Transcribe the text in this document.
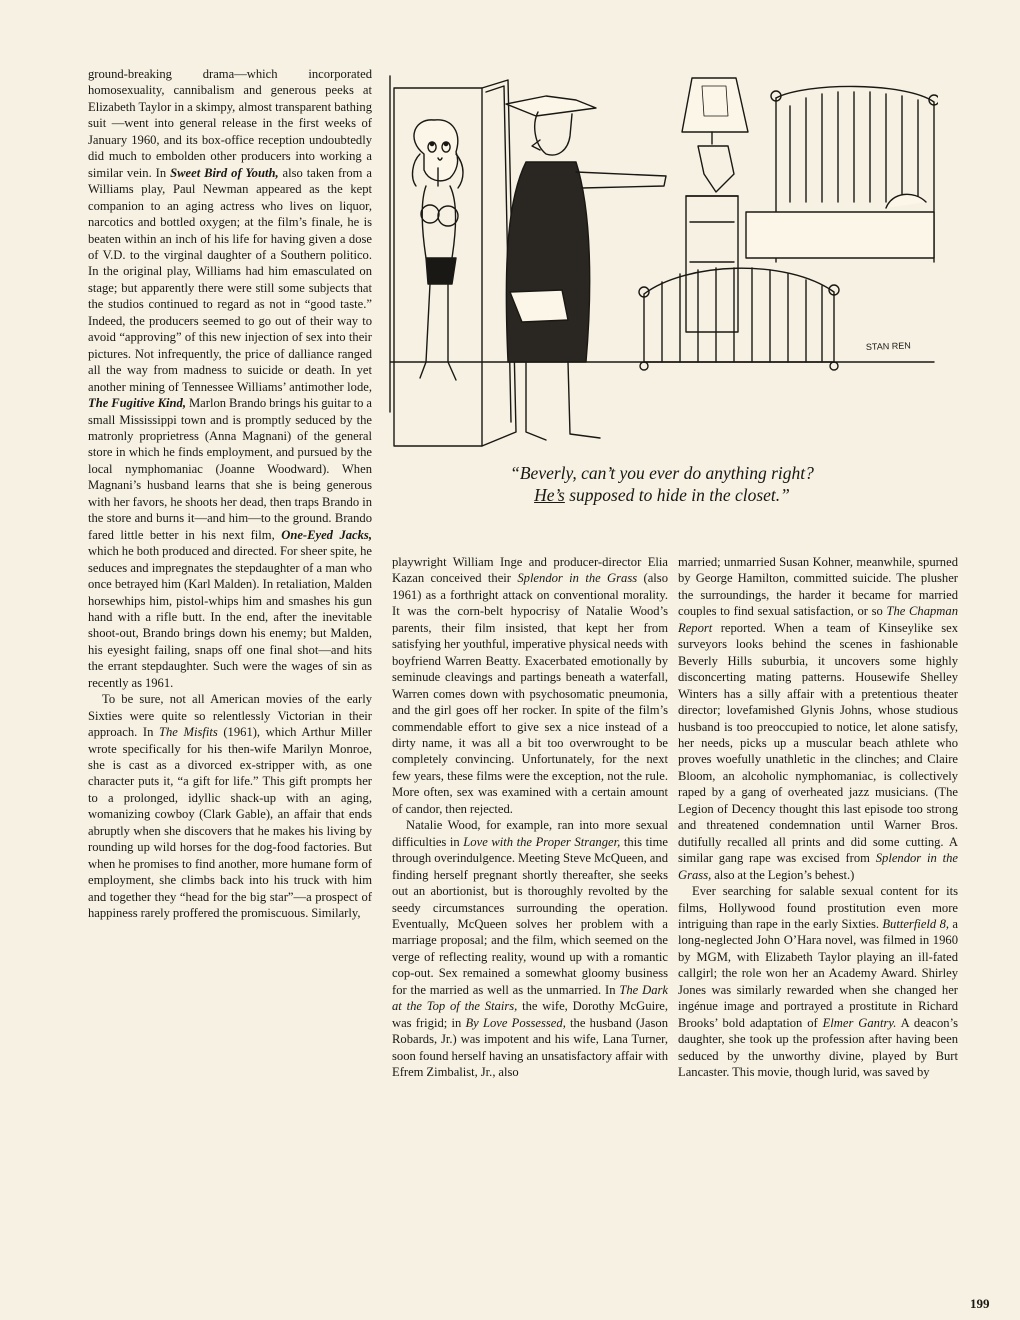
STAN REN
“Beverly, can’t you ever do anything right?
He’s supposed to hide in the closet.”

ground-breaking drama—which incorporated homosexuality, cannibalism and generous peeks at Elizabeth Taylor in a skimpy, almost transparent bathing suit —went into general release in the first weeks of January 1960, and its box-office reception undoubtedly did much to embolden other producers into working a similar vein. In Sweet Bird of Youth, also taken from a Williams play, Paul Newman appeared as the kept companion to an aging actress who lives on liquor, narcotics and bottled oxygen; at the film’s finale, he is beaten within an inch of his life for having given a dose of V.D. to the virginal daughter of a Southern politico. In the original play, Williams had him emasculated on stage; but apparently there were still some subjects that the studios continued to regard as not in “good taste.” Indeed, the producers seemed to go out of their way to avoid “approving” of this new injection of sex into their pictures. Not infrequently, the price of dalliance ranged all the way from madness to suicide or death. In yet another mining of Tennessee Williams’ antimother lode, The Fugitive Kind, Marlon Brando brings his guitar to a small Mississippi town and is promptly seduced by the matronly proprietress (Anna Magnani) of the general store in which he finds employment, and pursued by the local nymphomaniac (Joanne Woodward). When Magnani’s husband learns that she is being generous with her favors, he shoots her dead, then traps Brando in the store and burns it—and him—to the ground. Brando fared little better in his next film, One-Eyed Jacks, which he both produced and directed. For sheer spite, he seduces and impregnates the stepdaughter of a man who once betrayed him (Karl Malden). In retaliation, Malden horsewhips him, pistol-whips him and smashes his gun hand with a rifle butt. In the end, after the inevitable shoot-out, Brando brings down his enemy; but Malden, his eyesight failing, snaps off one final shot—and hits the errant stepdaughter. Such were the wages of sin as recently as 1961.

To be sure, not all American movies of the early Sixties were quite so relentlessly Victorian in their approach. In The Misfits (1961), which Arthur Miller wrote specifically for his then-wife Marilyn Monroe, she is cast as a divorced ex-stripper with, as one character puts it, “a gift for life.” This gift prompts her to a prolonged, idyllic shack-up with an aging, womanizing cowboy (Clark Gable), an affair that ends abruptly when she discovers that he makes his living by rounding up wild horses for the dog-food factories. But when he promises to find another, more humane form of employment, she climbs back into his truck with him and together they “head for the big star”—a prospect of happiness rarely proffered the promiscuous. Similarly,

playwright William Inge and producer-director Elia Kazan conceived their Splendor in the Grass (also 1961) as a forthright attack on conventional morality. It was the corn-belt hypocrisy of Natalie Wood’s parents, their film insisted, that kept her from satisfying her youthful, imperative physical needs with boyfriend Warren Beatty. Exacerbated emotionally by seminude cleavings and partings beneath a waterfall, Warren comes down with psychosomatic pneumonia, and the girl goes off her rocker. In spite of the film’s commendable effort to give sex a nice instead of a dirty name, it was all a bit too overwrought to be completely convincing. Unfortunately, for the next few years, these films were the exception, not the rule. More often, sex was examined with a certain amount of candor, then rejected.

Natalie Wood, for example, ran into more sexual difficulties in Love with the Proper Stranger, this time through overindulgence. Meeting Steve McQueen, and finding herself pregnant shortly thereafter, she seeks out an abortionist, but is thoroughly revolted by the seedy circumstances surrounding the operation. Eventually, McQueen solves her problem with a marriage proposal; and the film, which seemed on the verge of reflecting reality, wound up with a romantic cop-out. Sex remained a somewhat gloomy business for the married as well as the unmarried. In The Dark at the Top of the Stairs, the wife, Dorothy McGuire, was frigid; in By Love Possessed, the husband (Jason Robards, Jr.) was impotent and his wife, Lana Turner, soon found herself having an unsatisfactory affair with Efrem Zimbalist, Jr., also

married; unmarried Susan Kohner, meanwhile, spurned by George Hamilton, committed suicide. The plusher the surroundings, the harder it became for married couples to find sexual satisfaction, or so The Chapman Report reported. When a team of Kinseylike sex surveyors looks behind the scenes in fashionable Beverly Hills suburbia, it uncovers some highly disconcerting mating patterns. Housewife Shelley Winters has a silly affair with a pretentious theater director; lovefamished Glynis Johns, whose studious husband is too preoccupied to notice, let alone satisfy, her needs, picks up a muscular beach athlete who proves woefully unathletic in the clinches; and Claire Bloom, an alcoholic nymphomaniac, is collectively raped by a gang of overheated jazz musicians. (The Legion of Decency thought this last episode too strong and threatened condemnation until Warner Bros. dutifully recalled all prints and did some cutting. A similar gang rape was excised from Splendor in the Grass, also at the Legion’s behest.)

Ever searching for salable sexual content for its films, Hollywood found prostitution even more intriguing than rape in the early Sixties. Butterfield 8, a long-neglected John O’Hara novel, was filmed in 1960 by MGM, with Elizabeth Taylor playing an ill-fated callgirl; the role won her an Academy Award. Shirley Jones was similarly rewarded when she changed her ingénue image and portrayed a prostitute in Richard Brooks’ bold adaptation of Elmer Gantry. A deacon’s daughter, she took up the profession after having been seduced by the unworthy divine, played by Burt Lancaster. This movie, though lurid, was saved by

199
